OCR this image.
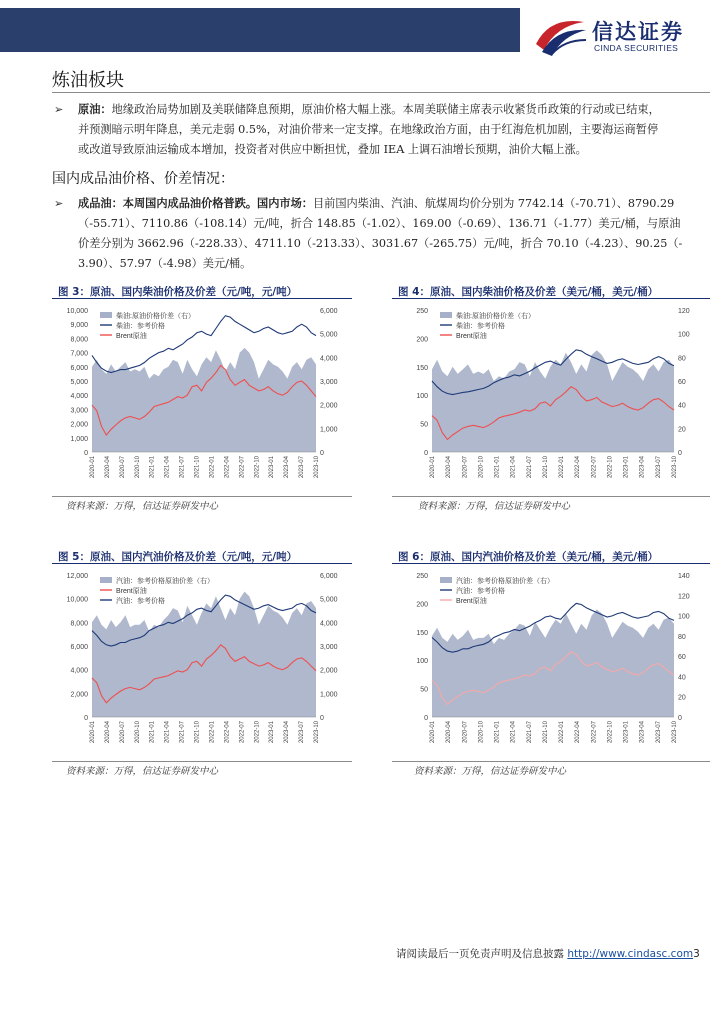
信达证券
CINDA SECURITIES
炼油板块
➢ 原油：地缘政治局势加剧及美联储降息预期，原油价格大幅上涨。本周美联储主席表示收紧货币政策的行动或已结束，
并预测暗示明年降息，美元走弱 0.5%，对油价带来一定支撑。在地缘政治方面，由于红海危机加剧，主要海运商暂停
或改道导致原油运输成本增加，投资者对供应中断担忧，叠加 IEA 上调石油增长预期，油价大幅上涨。
国内成品油价格、价差情况：
➢ 成品油：本周国内成品油价格普跌。国内市场：目前国内柴油、汽油、航煤周均价分别为 7742.14（-70.71）、8790.29
（-55.71）、7110.86（-108.14）元/吨，折合 148.85（-1.02）、169.00（-0.69）、136.71（-1.77）美元/桶，与原油
价差分别为 3662.96（-228.33）、4711.10（-213.33）、3031.67（-265.75）元/吨，折合 70.10（-4.23）、90.25（-
3.90）、57.97（-4.98）美元/桶。
图 3：原油、国内柴油价格及价差（元/吨，元/吨）
0
1,000
2,000
3,000
4,000
5,000
6,000
7,000
8,000
9,000
10,000
0
1,000
2,000
3,000
4,000
5,000
6,000
2020-01 2020-04 2020-07 2020-10 2021-01 2021-04 2021-07 2021-10 2022-01 2022-04 2022-07 2022-10 2023-01 2023-04 2023-07 2023-10
柴油:原油价格价差（右）
柴油：参考价格
Brent原油
资料来源：万得，信达证券研发中心
图 4：原油、国内柴油价格及价差（美元/桶，美元/桶）
0
50
100
150
200
250
0
20
40
60
80
100
120
2020-01 2020-04 2020-07 2020-10 2021-01 2021-04 2021-07 2021-10 2022-01 2022-04 2022-07 2022-10 2023-01 2023-04 2023-07 2023-10
柴油:原油价格价差（右）
柴油：参考价格
Brent原油
资料来源：万得，信达证券研发中心
图 5：原油、国内汽油价格及价差（元/吨，元/吨）
0
2,000
4,000
6,000
8,000
10,000
12,000
0
1,000
2,000
3,000
4,000
5,000
6,000
2020-01 2020-04 2020-07 2020-10 2021-01 2021-04 2021-07 2021-10 2022-01 2022-04 2022-07 2022-10 2023-01 2023-04 2023-07 2023-10
汽油：参考价格原油价差（右）
Brent原油
汽油：参考价格
资料来源：万得，信达证券研发中心
图 6：原油、国内汽油价格及价差（美元/桶，美元/桶）
0
50
100
150
200
250
0
20
40
60
80
100
120
140
2020-01 2020-04 2020-07 2020-10 2021-01 2021-04 2021-07 2021-10 2022-01 2022-04 2022-07 2022-10 2023-01 2023-04 2023-07 2023-10
汽油：参考价格原油价差（右）
汽油：参考价格
Brent原油
资料来源：万得，信达证券研发中心
请阅读最后一页免责声明及信息披露 http://www.cindasc.com3
